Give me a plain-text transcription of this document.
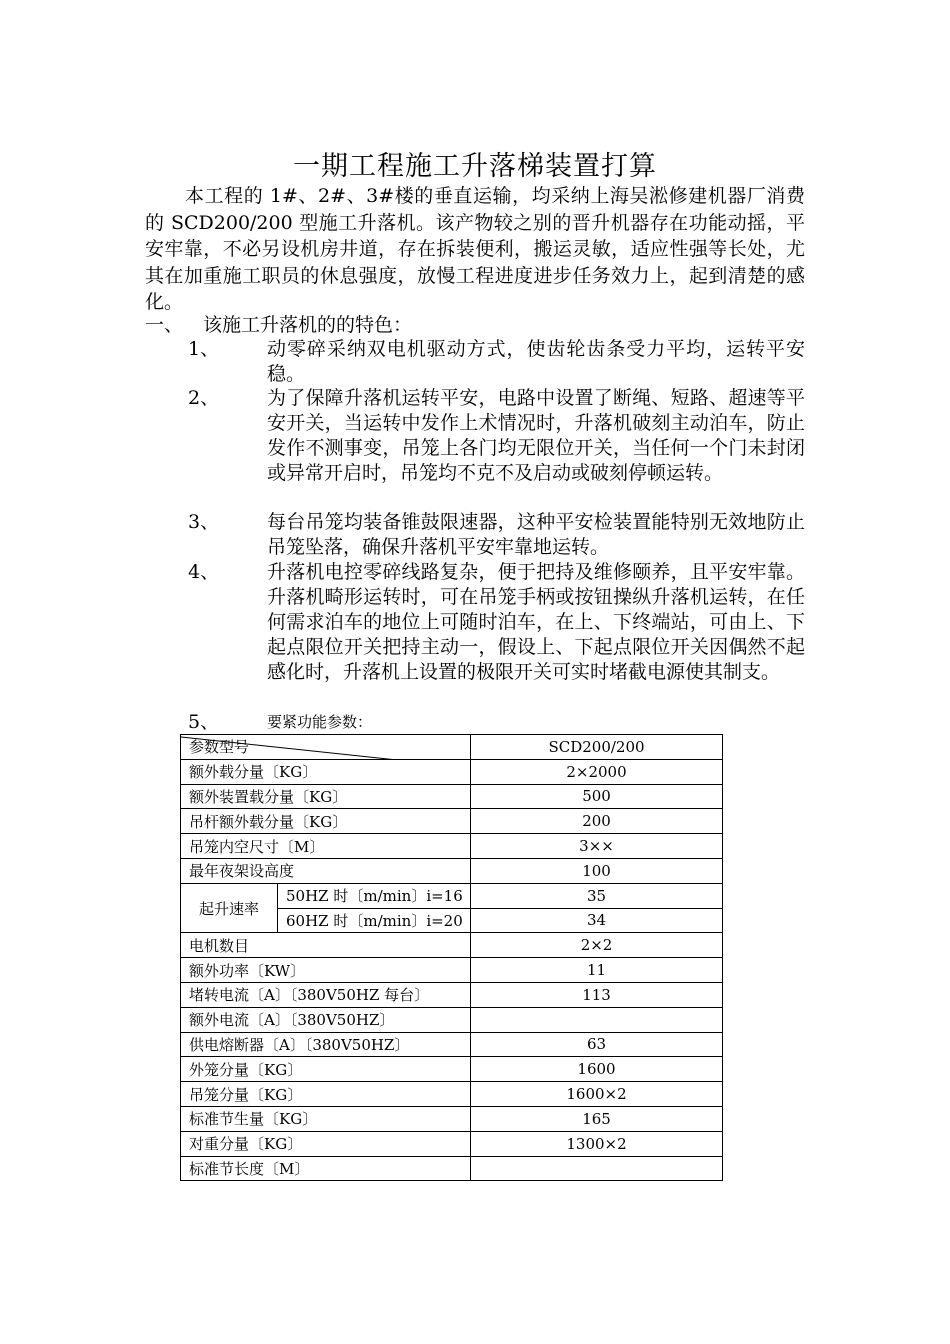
一期工程施工升落梯装置打算
本工程的 1#、2#、3#楼的垂直运输，均采纳上海吴淞修建机器厂消费的 SCD200/200 型施工升落机。该产物较之别的晋升机器存在功能动摇，平安牢靠，不必另设机房井道，存在拆装便利，搬运灵敏，适应性强等长处，尤其在加重施工职员的休息强度，放慢工程进度进步任务效力上，起到清楚的感化。
一、 该施工升落机的的特色：
1、	动零碎采纳双电机驱动方式，使齿轮齿条受力平均，运转平安稳。
2、	为了保障升落机运转平安，电路中设置了断绳、短路、超速等平安开关，当运转中发作上术情况时，升落机破刻主动泊车，防止发作不测事变，吊笼上各门均无限位开关，当任何一个门未封闭或异常开启时，吊笼均不克不及启动或破刻停顿运转。
3、	每台吊笼均装备锥鼓限速器，这种平安检装置能特别无效地防止吊笼坠落，确保升落机平安牢靠地运转。
4、	升落机电控零碎线路复杂，便于把持及维修颐养，且平安牢靠。升落机畸形运转时，可在吊笼手柄或按钮操纵升落机运转，在任何需求泊车的地位上可随时泊车，在上、下终端站，可由上、下起点限位开关把持主动一，假设上、下起点限位开关因偶然不起感化时，升落机上设置的极限开关可实时堵截电源使其制支。
5、	要紧功能参数：
参数型号		SCD200/200
额外载分量〔KG〕		2×2000
额外装置载分量〔KG〕		500
吊杆额外载分量〔KG〕		200
吊笼内空尺寸〔M〕		3××
最年夜架设高度		100
起升速率	50HZ 时〔m/min〕i=16	35
	60HZ 时〔m/min〕i=20	34
电机数目		2×2
额外功率〔KW〕		11
堵转电流〔A〕〔380V50HZ 每台〕		113
额外电流〔A〕〔380V50HZ〕		
供电熔断器〔A〕〔380V50HZ〕		63
外笼分量〔KG〕		1600
吊笼分量〔KG〕		1600×2
标准节生量〔KG〕		165
对重分量〔KG〕		1300×2
标准节长度〔M〕		
